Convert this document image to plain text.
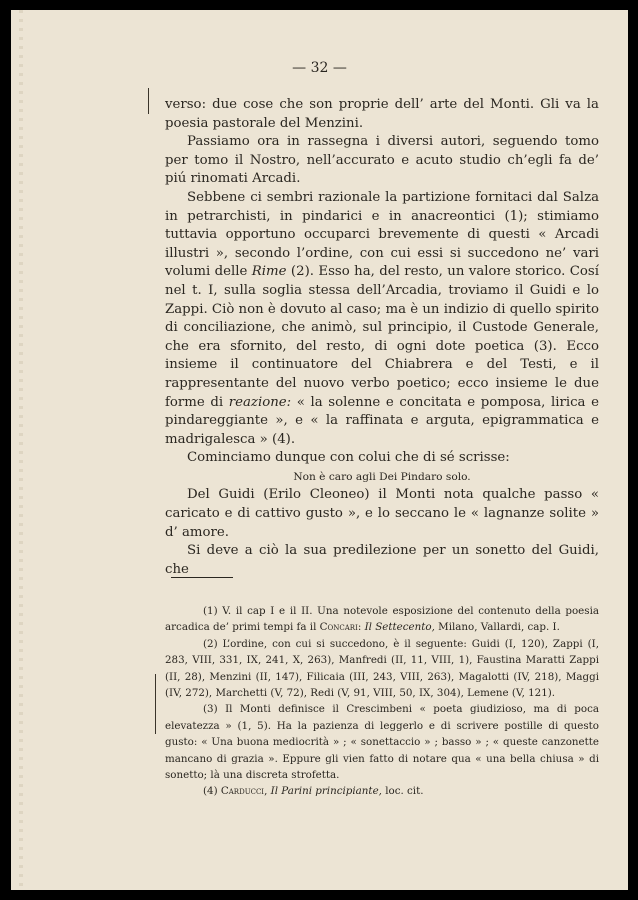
— 32 —

verso: due cose che son proprie dell’ arte del Monti. Gli va la poesia pastorale del Menzini.

Passiamo ora in rassegna i diversi autori, seguendo tomo per tomo il Nostro, nell’accurato e acuto studio ch’egli fa de’ piú rinomati Arcadi.

Sebbene ci sembri razionale la partizione fornitaci dal Salza in petrarchisti, in pindarici e in anacreontici (1); stimiamo tuttavia opportuno occuparci brevemente di questi « Arcadi illustri », secondo l’ordine, con cui essi si succedono ne’ vari volumi delle Rime (2). Esso ha, del resto, un valore storico. Cosí nel t. I, sulla soglia stessa dell’Arcadia, troviamo il Guidi e lo Zappi. Ciò non è dovuto al caso; ma è un indizio di quello spirito di conciliazione, che animò, sul principio, il Custode Generale, che era sfornito, del resto, di ogni dote poetica (3). Ecco insieme il continuatore del Chiabrera e del Testi, e il rappresentante del nuovo verbo poetico; ecco insieme le due forme di reazione: « la solenne e concitata e pomposa, lirica e pindareggiante », e « la raffinata e arguta, epigrammatica e madrigalesca » (4).

Cominciamo dunque con colui che di sé scrisse:

Non è caro agli Dei Pindaro solo.

Del Guidi (Erilo Cleoneo) il Monti nota qualche passo « caricato e di cattivo gusto », e lo seccano le « lagnanze solite » d’ amore.

Si deve a ciò la sua predilezione per un sonetto del Guidi, che

(1) V. il cap I e il II. Una notevole esposizione del contenuto della poesia arcadica de’ primi tempi fa il Concari: Il Settecento, Milano, Vallardi, cap. I.

(2) L’ordine, con cui si succedono, è il seguente: Guidi (I, 120), Zappi (I, 283, VIII, 331, IX, 241, X, 263), Manfredi (II, 11, VIII, 1), Faustina Maratti Zappi (II, 28), Menzini (II, 147), Filicaia (III, 243, VIII, 263), Magalotti (IV, 218), Maggi (IV, 272), Marchetti (V, 72), Redi (V, 91, VIII, 50, IX, 304), Lemene (V, 121).

(3) Il Monti definisce il Crescimbeni « poeta giudizioso, ma di poca elevatezza » (1, 5). Ha la pazienza di leggerlo e di scrivere postille di questo gusto: « Una buona mediocrità » ; « sonettaccio » ; basso » ; « queste canzonette mancano di grazia ». Eppure gli vien fatto di notare qua « una bella chiusa » di sonetto; là una discreta strofetta.

(4) Carducci, Il Parini principiante, loc. cit.
